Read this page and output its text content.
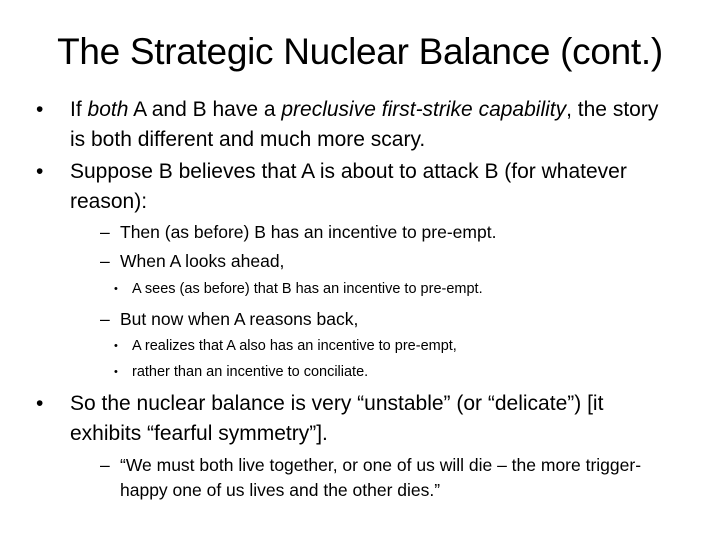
The Strategic Nuclear Balance (cont.)
•	If both A and B have a preclusive first-strike capability, the story is both different and much more scary.
•	Suppose B believes that A is about to attack B (for whatever reason):
– Then (as before) B has an incentive to pre-empt.
– When A looks ahead,
• A sees (as before) that B has an incentive to pre-empt.
– But now when A reasons back,
• A realizes that A also has an incentive to pre-empt,
• rather than an incentive to conciliate.
•	So the nuclear balance is very “unstable” (or “delicate”) [it exhibits “fearful symmetry”].
– “We must both live together, or one of us will die – the more trigger-happy one of us lives and the other dies.”
